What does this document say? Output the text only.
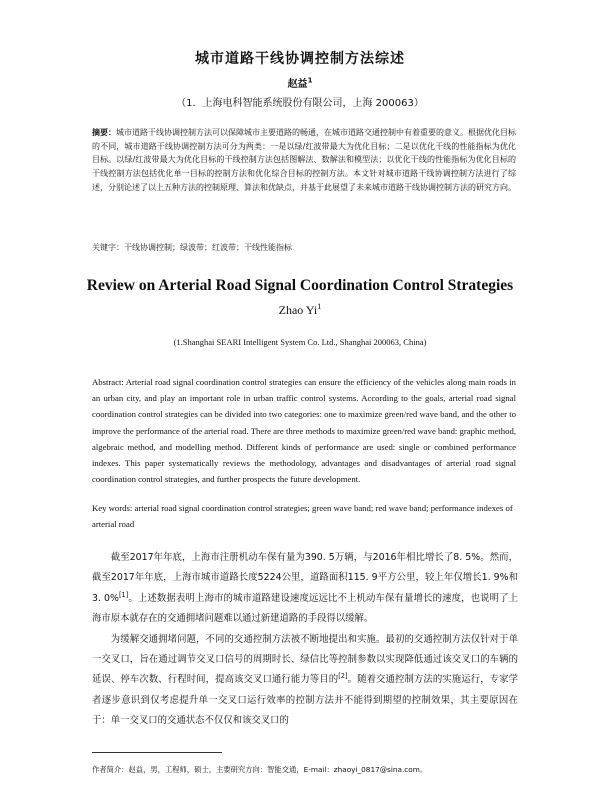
城市道路干线协调控制方法综述
赵益$^1$
（1．上海电科智能系统股份有限公司，上海 200063）
摘要：城市道路干线协调控制方法可以保障城市主要道路的畅通，在城市道路交通控制中有着重要的意义。根据优化目标的不同，城市道路干线协调控制方法可分为两类：一是以绿/红波带最大为优化目标；二是以优化干线的性能指标为优化目标。以绿/红波带最大为优化目标的干线控制方法包括图解法、数解法和模型法；以优化干线的性能指标为优化目标的干线控制方法包括优化单一目标的控制方法和优化综合目标的控制方法。本文针对城市道路干线协调控制方法进行了综述，分别论述了以上五种方法的控制原理、算法和优缺点，并基于此展望了未来城市道路干线协调控制方法的研究方向。
关键字：干线协调控制；绿波带；红波带；干线性能指标
Review on Arterial Road Signal Coordination Control Strategies
Zhao Yi$^1$
(1.Shanghai SEARI Intelligent System Co. Ltd., Shanghai 200063, China)
Abstract: Arterial road signal coordination control strategies can ensure the efficiency of the vehicles along main roads in an urban city, and play an important role in urban traffic control systems. According to the goals, arterial road signal coordination control strategies can be divided into two categories: one to maximize green/red wave band, and the other to improve the performance of the arterial road. There are three methods to maximize green/red wave band: graphic method, algebraic method, and modelling method. Different kinds of performance are used: single or combined performance indexes. This paper systematically reviews the methodology, advantages and disadvantages of arterial road signal coordination control strategies, and further prospects the future development.
Key words: arterial road signal coordination control strategies; green wave band; red wave band; performance indexes of arterial road

截至2017年年底，上海市注册机动车保有量为390. 5万辆，与2016年相比增长了8. 5%。然而，截至2017年年底，上海市城市道路长度5224公里，道路面积115. 9平方公里，较上年仅增长1. 9%和3. 0%[1]。上述数据表明上海市的城市道路建设速度远远比不上机动车保有量增长的速度，也说明了上海市原本就存在的交通拥堵问题难以通过新建道路的手段得以缓解。

为缓解交通拥堵问题，不同的交通控制方法被不断地提出和实施。最初的交通控制方法仅针对于单一交叉口，旨在通过调节交叉口信号的周期时长、绿信比等控制参数以实现降低通过该交叉口的车辆的延误、停车次数、行程时间，提高该交叉口通行能力等目的[2]。随着交通控制方法的实施运行，专家学者逐步意识到仅考虑提升单一交叉口运行效率的控制方法并不能得到期望的控制效果，其主要原因在于：单一交叉口的交通状态不仅仅和该交叉口的

作者简介：赵益，男，工程师，硕士，主要研究方向：智能交通，E-mail：zhaoyi_0817@sina.com。
